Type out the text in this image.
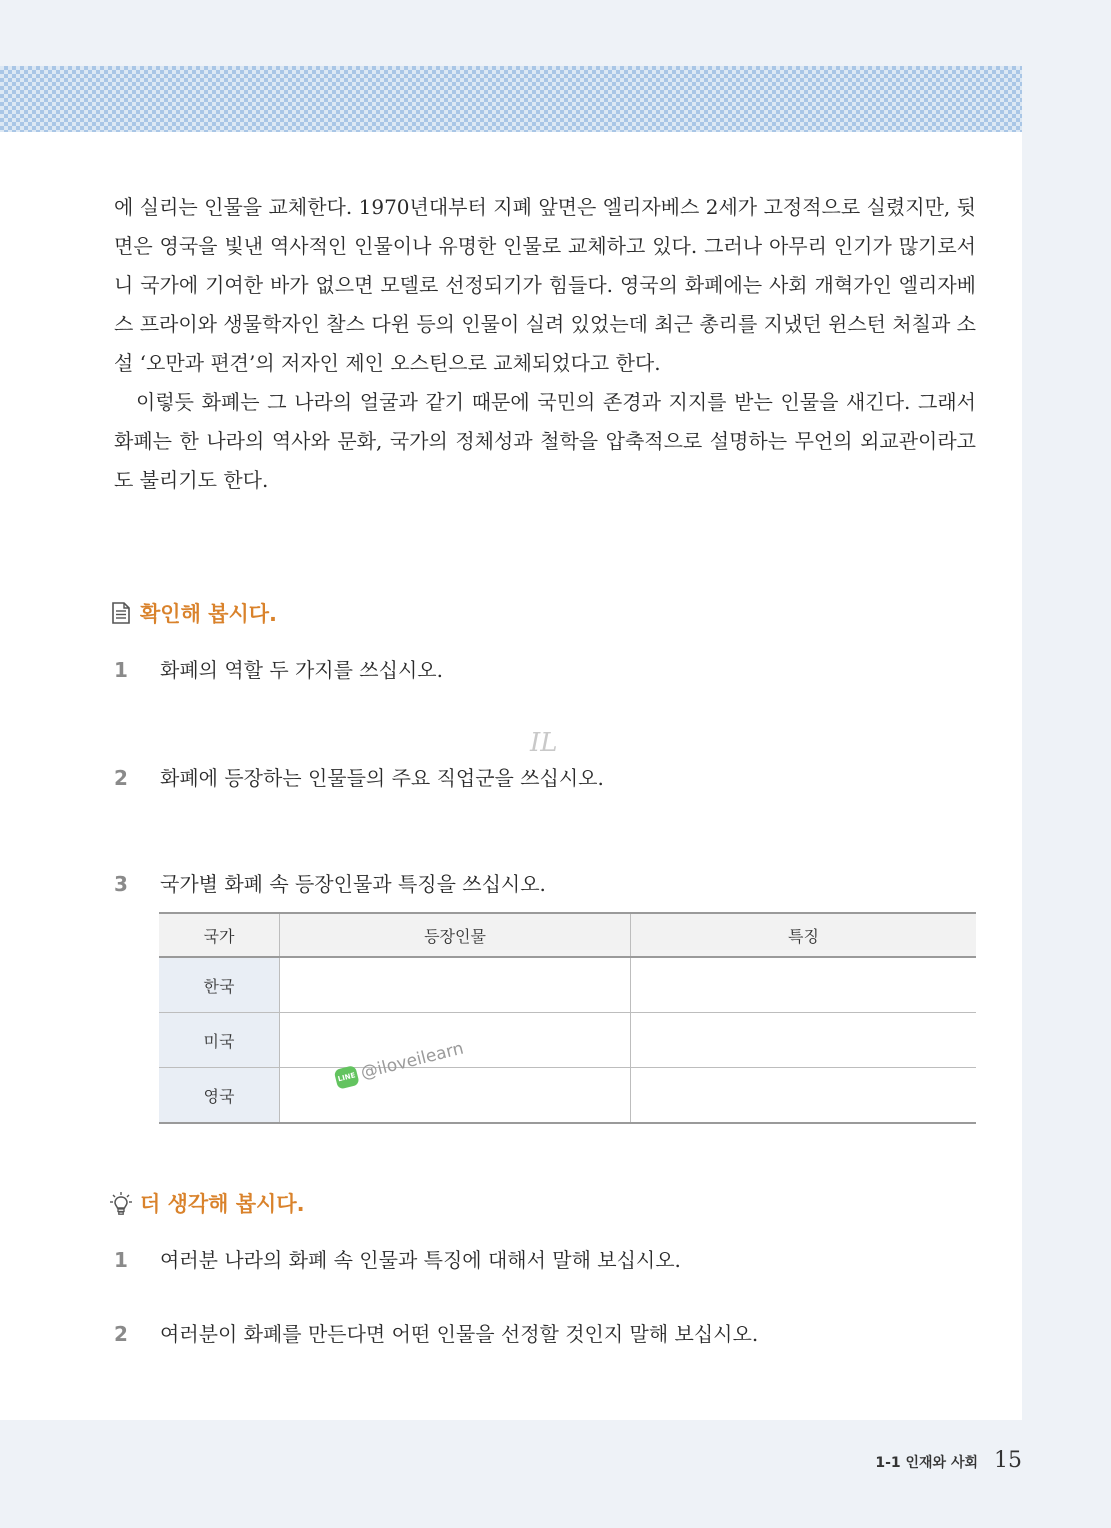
에 실리는 인물을 교체한다. 1970년대부터 지폐 앞면은 엘리자베스 2세가 고정적으로 실렸지만, 뒷면은 영국을 빛낸 역사적인 인물이나 유명한 인물로 교체하고 있다. 그러나 아무리 인기가 많기로서니 국가에 기여한 바가 없으면 모델로 선정되기가 힘들다. 영국의 화폐에는 사회 개혁가인 엘리자베스 프라이와 생물학자인 찰스 다윈 등의 인물이 실려 있었는데 최근 총리를 지냈던 윈스턴 처칠과 소설 ‘오만과 편견’의 저자인 제인 오스틴으로 교체되었다고 한다.

이렇듯 화폐는 그 나라의 얼굴과 같기 때문에 국민의 존경과 지지를 받는 인물을 새긴다. 그래서 화폐는 한 나라의 역사와 문화, 국가의 정체성과 철학을 압축적으로 설명하는 무언의 외교관이라고도 불리기도 한다.

확인해 봅시다.
1	화폐의 역할 두 가지를 쓰십시오.
2	화폐에 등장하는 인물들의 주요 직업군을 쓰십시오.
3	국가별 화폐 속 등장인물과 특징을 쓰십시오.
국가	등장인물	특징
한국		
미국		
영국		
더 생각해 봅시다.
1	여러분 나라의 화폐 속 인물과 특징에 대해서 말해 보십시오.
2	여러분이 화폐를 만든다면 어떤 인물을 선정할 것인지 말해 보십시오.
IL
LINE @iloveilearn
1-1 인재와 사회 15
